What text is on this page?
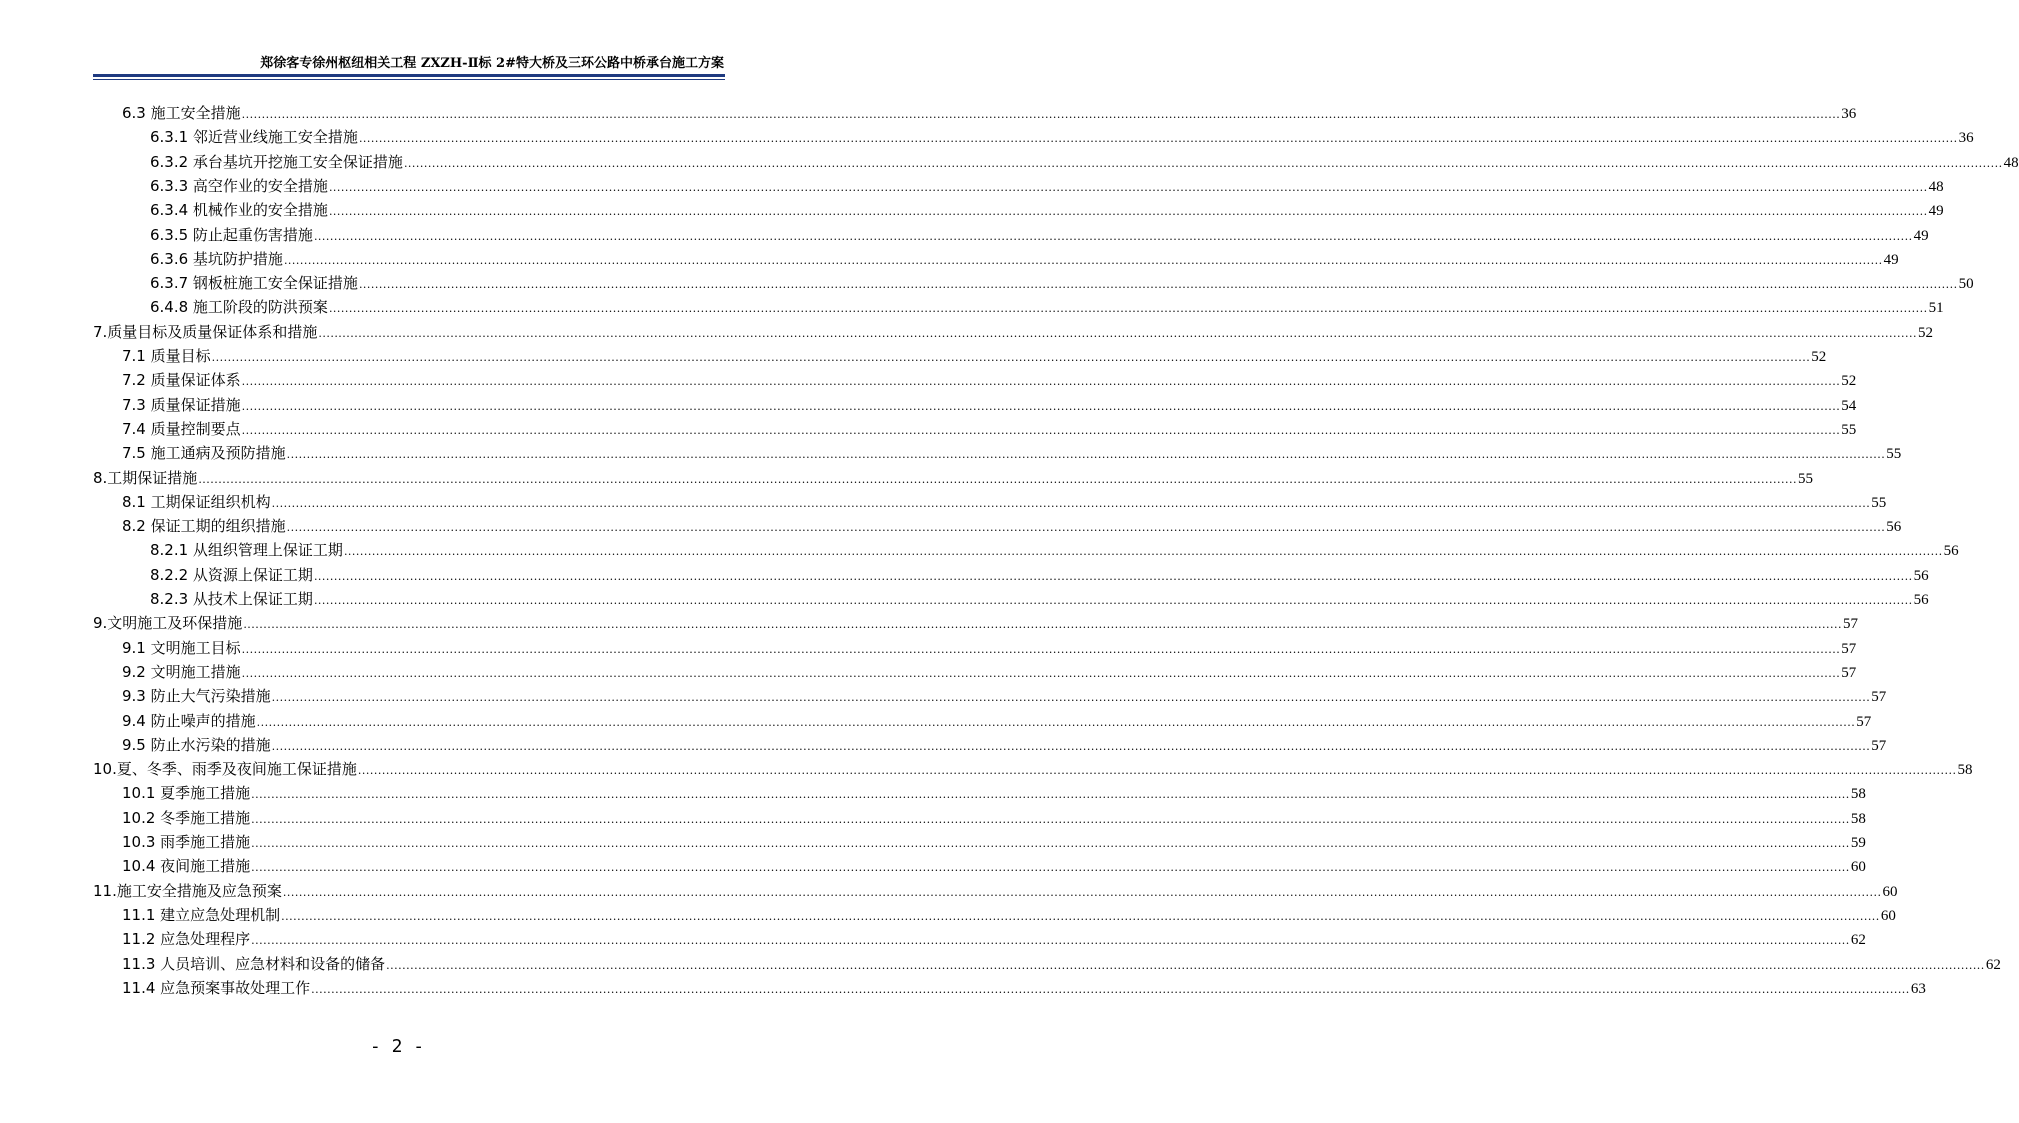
郑徐客专徐州枢纽相关工程 ZXZH-Ⅱ标 2#特大桥及三环公路中桥承台施工方案
6.3 施工安全措施 ................................................................................................................................................................................................................................................................................................................................................................................................................ 36
6.3.1 邻近营业线施工安全措施 ................................................................................................................................................................................................................................................................................................................................................................................................................ 36
6.3.2 承台基坑开挖施工安全保证措施 ................................................................................................................................................................................................................................................................................................................................................................................................................ 48
6.3.3 高空作业的安全措施 ................................................................................................................................................................................................................................................................................................................................................................................................................ 48
6.3.4 机械作业的安全措施 ................................................................................................................................................................................................................................................................................................................................................................................................................ 49
6.3.5 防止起重伤害措施 ................................................................................................................................................................................................................................................................................................................................................................................................................ 49
6.3.6 基坑防护措施 ................................................................................................................................................................................................................................................................................................................................................................................................................ 49
6.3.7 钢板桩施工安全保证措施 ................................................................................................................................................................................................................................................................................................................................................................................................................ 50
6.4.8 施工阶段的防洪预案 ................................................................................................................................................................................................................................................................................................................................................................................................................ 51
7.质量目标及质量保证体系和措施 ................................................................................................................................................................................................................................................................................................................................................................................................................ 52
7.1 质量目标 ................................................................................................................................................................................................................................................................................................................................................................................................................ 52
7.2 质量保证体系 ................................................................................................................................................................................................................................................................................................................................................................................................................ 52
7.3 质量保证措施 ................................................................................................................................................................................................................................................................................................................................................................................................................ 54
7.4 质量控制要点 ................................................................................................................................................................................................................................................................................................................................................................................................................ 55
7.5 施工通病及预防措施 ................................................................................................................................................................................................................................................................................................................................................................................................................ 55
8.工期保证措施 ................................................................................................................................................................................................................................................................................................................................................................................................................ 55
8.1 工期保证组织机构 ................................................................................................................................................................................................................................................................................................................................................................................................................ 55
8.2 保证工期的组织措施 ................................................................................................................................................................................................................................................................................................................................................................................................................ 56
8.2.1 从组织管理上保证工期 ................................................................................................................................................................................................................................................................................................................................................................................................................ 56
8.2.2 从资源上保证工期 ................................................................................................................................................................................................................................................................................................................................................................................................................ 56
8.2.3 从技术上保证工期 ................................................................................................................................................................................................................................................................................................................................................................................................................ 56
9.文明施工及环保措施 ................................................................................................................................................................................................................................................................................................................................................................................................................ 57
9.1 文明施工目标 ................................................................................................................................................................................................................................................................................................................................................................................................................ 57
9.2 文明施工措施 ................................................................................................................................................................................................................................................................................................................................................................................................................ 57
9.3 防止大气污染措施 ................................................................................................................................................................................................................................................................................................................................................................................................................ 57
9.4 防止噪声的措施 ................................................................................................................................................................................................................................................................................................................................................................................................................ 57
9.5 防止水污染的措施 ................................................................................................................................................................................................................................................................................................................................................................................................................ 57
10.夏、冬季、雨季及夜间施工保证措施 ................................................................................................................................................................................................................................................................................................................................................................................................................ 58
10.1 夏季施工措施 ................................................................................................................................................................................................................................................................................................................................................................................................................ 58
10.2 冬季施工措施 ................................................................................................................................................................................................................................................................................................................................................................................................................ 58
10.3 雨季施工措施 ................................................................................................................................................................................................................................................................................................................................................................................................................ 59
10.4 夜间施工措施 ................................................................................................................................................................................................................................................................................................................................................................................................................ 60
11.施工安全措施及应急预案 ................................................................................................................................................................................................................................................................................................................................................................................................................ 60
11.1 建立应急处理机制 ................................................................................................................................................................................................................................................................................................................................................................................................................ 60
11.2 应急处理程序 ................................................................................................................................................................................................................................................................................................................................................................................................................ 62
11.3 人员培训、应急材料和设备的储备 ................................................................................................................................................................................................................................................................................................................................................................................................................ 62
11.4 应急预案事故处理工作 ................................................................................................................................................................................................................................................................................................................................................................................................................ 63
- 2 -
